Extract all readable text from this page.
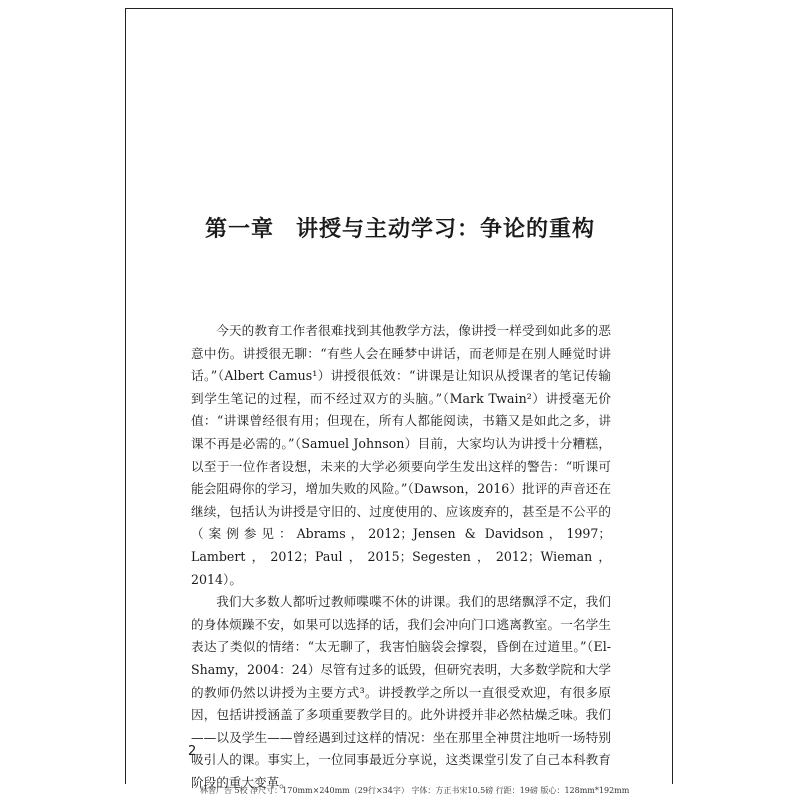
第一章 讲授与主动学习：争论的重构

今天的教育工作者很难找到其他教学方法，像讲授一样受到如此多的恶意中伤。讲授很无聊：“有些人会在睡梦中讲话，而老师是在别人睡觉时讲话。”（Albert Camus¹）讲授很低效：“讲课是让知识从授课者的笔记传输到学生笔记的过程，而不经过双方的头脑。”（Mark Twain²）讲授毫无价值：“讲课曾经很有用；但现在，所有人都能阅读，书籍又是如此之多，讲课不再是必需的。”（Samuel Johnson）目前，大家均认为讲授十分糟糕，以至于一位作者设想，未来的大学必须要向学生发出这样的警告：“听课可能会阻碍你的学习，增加失败的风险。”（Dawson，2016）批评的声音还在继续，包括认为讲授是守旧的、过度使用的、应该废弃的，甚至是不公平的（案例参见：Abrams，2012；Jensen & Davidson，1997；Lambert，2012；Paul，2015；Segesten，2012；Wieman，2014）。

我们大多数人都听过教师喋喋不休的讲课。我们的思绪飘浮不定，我们的身体烦躁不安，如果可以选择的话，我们会冲向门口逃离教室。一名学生表达了类似的情绪：“太无聊了，我害怕脑袋会撑裂，昏倒在过道里。”（El-Shamy，2004：24）尽管有过多的诋毁，但研究表明，大多数学院和大学的教师仍然以讲授为主要方式³。讲授教学之所以一直很受欢迎，有很多原因，包括讲授涵盖了多项重要教学目的。此外讲授并非必然枯燥乏味。我们——以及学生——曾经遇到过这样的情况：坐在那里全神贯注地听一场特别吸引人的课。事实上，一位同事最近分享说，这类课堂引发了自己本科教育阶段的重大变革。

2
林智广告 5校 净尺寸：170mm×240mm（29行×34字） 字体：方正书宋10.5磅 行距：19磅 版心：128mm*192mm
